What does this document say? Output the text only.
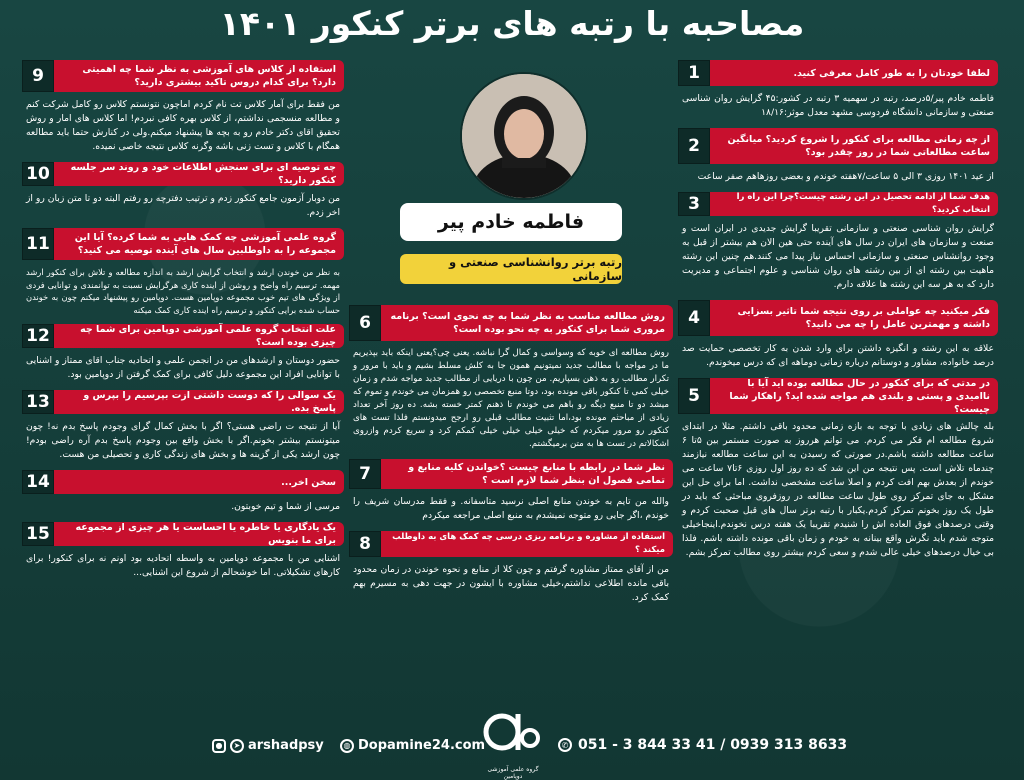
مصاحبه با رتبه های برتر کنکور ۱۴۰۱
لطفا خودتان را به طور کامل معرفی کنید.
1
فاطمه خادم پیر/۵درصد، رتبه در سهمیه ۳ رتبه در کشور:۴۵ گرایش روان شناسی صنعتی و سازمانی دانشگاه فردوسی مشهد معدل موثر:۱۸/۱۶
از چه زمانی مطالعه برای کنکور را شروع کردید؟ میانگین ساعت مطالعاتی شما در روز چقدر بود؟
2
از عید ۱۴۰۱ روزی ۳ الی ۵ ساعت/۷هفته خوندم و بعضی روزهاهم صفر ساعت
هدف شما از ادامه تحصیل در این رشته چیست؟چرا این راه را انتخاب کردید؟
3
گرایش روان شناسی صنعتی و سازمانی تقریبا گرایش جدیدی در ایران است و صنعت و سازمان های ایران در سال های آینده حتی هین الان هم بیشتر از قبل به وجود روانشناس صنعتی و سازمانی احساس نیاز پیدا می کنند.هم چنین این رشته ماهیت بین رشته ای از بین رشته های روان شناسی و علوم اجتماعی و مدیریت دارد که به هر سه این رشته ها علاقه دارم.
فکر میکنید چه عواملی بر روی نتیجه شما تاثیر بسزایی داشته و مهمترین عامل را چه می دانید؟
4
علاقه به این رشته و انگیزه داشتن برای وارد شدن به کار تخصصی حمایت صد درصد خانواده، مشاور و دوستانم درباره زمانی دوماهه ای که درس میخوندم.
در مدتی که برای کنکور در حال مطالعه بوده اید آیا با ناامیدی و پستی و بلندی هم مواجه شده اید؟ راهکار شما چیست؟
5
بله چالش های زیادی با توجه به بازه زمانی محدود باقی داشتم. مثلا در ابتدای شروع مطالعه ام فکر می کردم. می توانم هرروز به صورت مستمر بین ۵تا ۶ ساعت مطالعه داشته باشم.در صورتی که رسیدن به این ساعت مطالعه نیازمند چندماه تلاش است. پس نتیجه من این شد که ده روز اول روزی ۶تا۷ ساعت می خوندم از بعدش بهم افت کردم و اصلا ساعت مشخصی نداشت. اما برای حل این مشکل به جای تمرکز روی طول ساعت مطالعه در روزفروی مباحثی که باید در طول یک روز بخونم تمرکز کردم.یکبار با رتبه برتر سال های قبل صحبت کردم و وقتی درصدهای فوق العاده اش را شنیدم تقریبا یک هفته درس نخوندم.اینجاخیلی متوجه شدم باید نگرش واقع بینانه به خودم و زمان باقی مونده داشته باشم. فلذا بی خیال درصدهای خیلی عالی شدم و سعی کردم بیشتر روی مطالب تمرکز بشم.
استفاده از کلاس های آموزشی به نظر شما چه اهمیتی دارد؟ برای کدام دروس تاکید بیشتری دارید؟
9
من فقط برای آمار کلاس تت نام کردم اماچون نتونستم کلاس رو کامل شرکت کنم و مطالعه منسجمی نداشتم، از کلاس بهره کافی نبردم! اما کلاس های امار و روش تحقیق اقای دکتر خادم رو به بچه ها پیشنهاد میکنم.ولی در کنارش حتما باید مطالعه همگام با کلاس و تست زنی باشه وگرنه کلاس نتیجه خاصی نمیده.
چه توصیه ای برای سنجش اطلاعات خود و روند سر جلسه کنکور دارید؟
10
من دوبار آزمون جامع کنکور زدم و ترتیب دفترچه رو رفتم البته دو تا متن زبان رو از اخر زدم.
گروه علمی آموزشی چه کمک هایی به شما کرده؟ آیا این مجموعه را به داوطلبین سال های آینده توصیه می کنید؟
11
به نظر من خوندن ارشد و انتخاب گرایش ارشد به اندازه مطالعه و تلاش برای کنکور ارشد مهمه. ترسیم راه واضح و روشن از اینده کاری هرگرایش نسبت به توانمندی و توانایی فردی از ویژگی های تیم خوب مجموعه دوپامین هست. دوپامین رو پیشنهاد میکنم چون به خوندن حساب شده برایی کنکور و ترسیم راه اینده کاری کمک میکنه
علت انتخاب گروه علمی آموزشی دوپامین برای شما چه چیزی بوده است؟
12
حضور دوستان و ارشدهای من در انجمن علمی و اتحادیه جناب اقای ممتاز و اشنایی با توانایی افراد این مجموعه دلیل کافی برای کمک گرفتن از دوپامین بود.
یک سوالی را که دوست داشتی ازت بپرسیم را بپرس و پاسخ بده.
13
آیا از نتیجه ت راضی هستی؟ اگر با بخش کمال گرای وجودم پاسخ بدم نه! چون میتونستم بیشتر بخونم.اگر با بخش واقع بین وجودم پاسخ بدم آره راضی بودم! چون ارشد یکی از گزینه ها و بخش های زندگی کاری و تحصیلی من هست.
سخن اخر...
14
مرسی از شما و تیم خوبتون.
یک یادگاری یا خاطره یا احساست یا هر چیزی از مجموعه برای ما بنویس
15
اشنایی من با مجموعه دوپامین به واسطه اتحادیه بود اونم نه برای کنکور! برای کارهای تشکیلاتی. اما خوشحالم از شروع این اشنایی...
فاطمه خادم پیر
رتبه برتر روانشناسی صنعتی و سازمانی
روش مطالعه مناسب به نظر شما به چه نحوی است؟ برنامه مروری شما برای کنکور به چه نحو بوده است؟
6
روش مطالعه ای خوبه که وسواسی و کمال گرا نباشه. یعنی چی؟یعنی اینکه باید بپذیریم ما در مواجه با مطالب جدید نمیتونیم همون جا به کلش مسلط بشیم و باید با مرور و تکرار مطالب رو به ذهن بسپاریم. من چون با دریایی از مطالب جدید مواجه شدم و زمان خیلی کمی تا کنکور باقی مونده بود، دوتا منبع تخصصی رو همزمان می خوندم و تموم که میشد دو تا منبع دیگه رو باهم می خوندم تا ذهنم کمتر خسته بشه. ده روز آخر تعداد زیادی از مباحثم مونده بود،اما تثبیت مطالب قبلی رو ارجح میدونستم فلذا تست های کنکور رو مرور میکردم که خیلی خیلی خیلی خیلی کمکم کرد و سریع کردم وازروی اشکالاتم در تست ها به متن برمیگشتم.
نظر شما در رابطه با منابع چیست ؟خواندن کلیه منابع و تمامی فصول ان بنظر شما لازم است ؟
7
والله من تایم به خوندن منابع اصلی نرسید متاسفانه. و فقط مدرسان شریف را خوندم ،اگر جایی رو متوجه نمیشدم به منبع اصلی مراجعه میکردم
استفاده از مشاوره و برنامه ریزی درسی چه کمک های به داوطلب میکند ؟
8
من از آقای ممتاز مشاوره گرفتم و چون کلا از منابع و نحوه خوندن در زمان محدود باقی مانده اطلاعی نداشتم،خیلی مشاوره با ایشون در جهت دهی به مسیرم بهم کمک کرد.
●	➤ arshadpsy	◍ Dopamine24.com
گروه علمی آموزشی دوپامین
✆ 051 - 3 844 33 41 / 0939 313 8633
